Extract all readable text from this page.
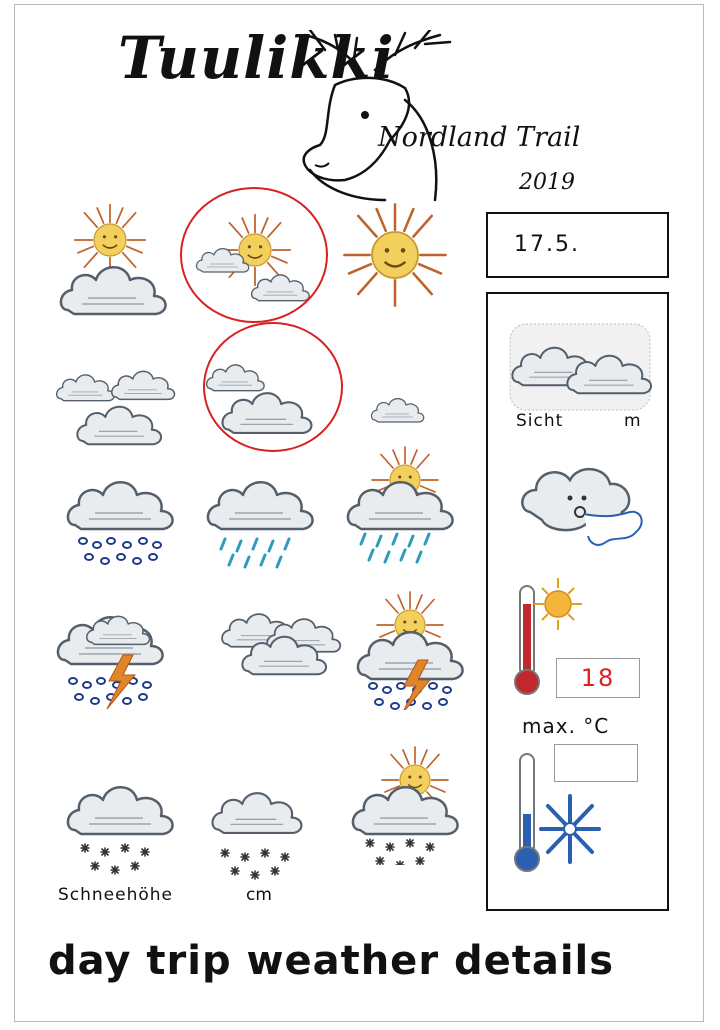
Tuulikki
Nordland Trail
2019
17.5.
Sicht	m
18
max. °C
Schneehöhe	cm
day trip weather details
